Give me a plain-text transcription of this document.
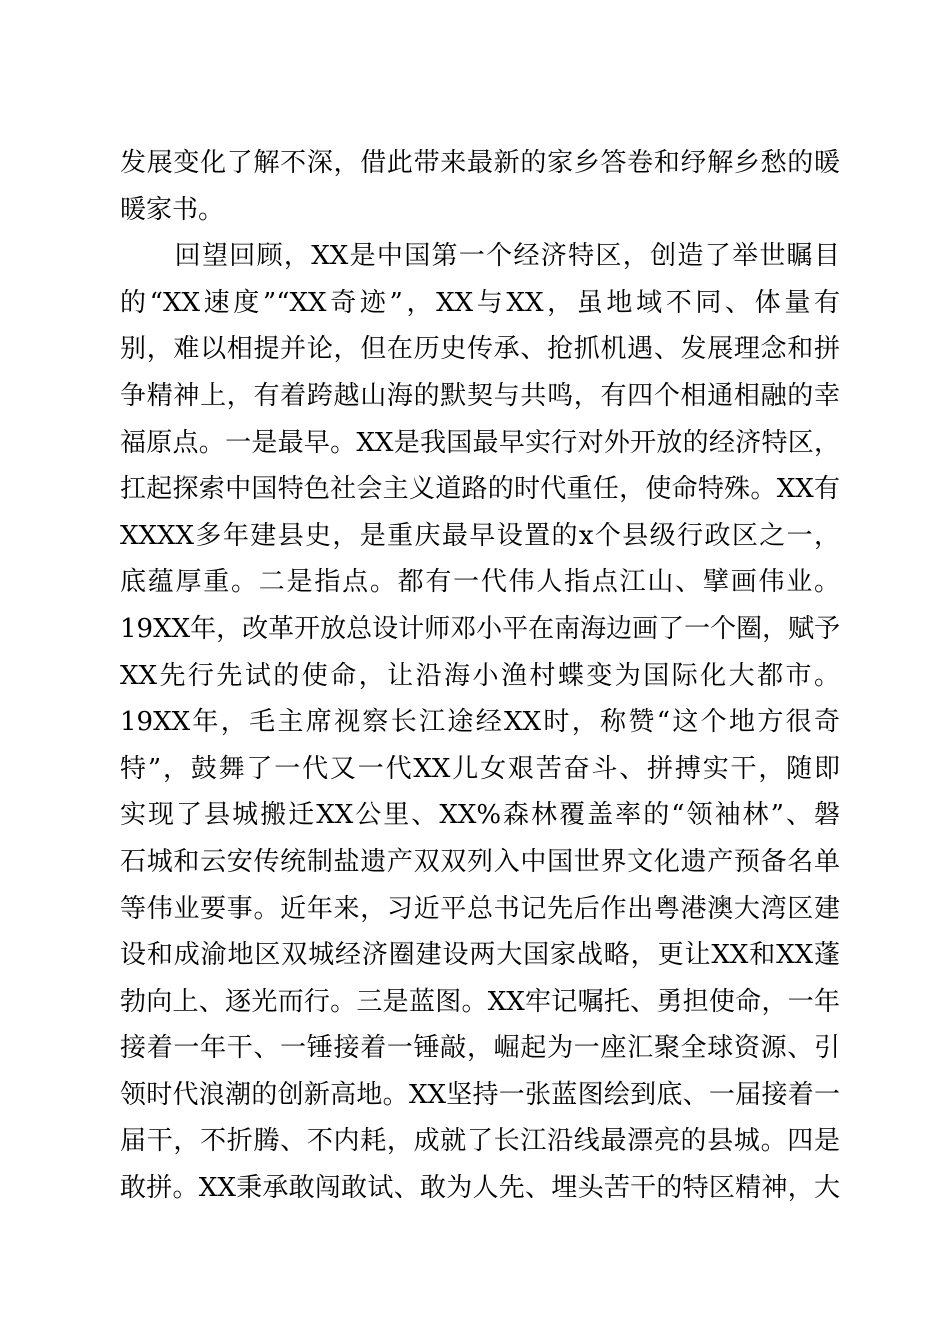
发展变化了解不深，借此带来最新的家乡答卷和纾解乡愁的暖
暖家书。
　　回望回顾，XX是中国第一个经济特区，创造了举世瞩目
的“XX速度”“XX奇迹”，XX与XX，虽地域不同、体量有
别，难以相提并论，但在历史传承、抢抓机遇、发展理念和拼
争精神上，有着跨越山海的默契与共鸣，有四个相通相融的幸
福原点。一是最早。XX是我国最早实行对外开放的经济特区，
扛起探索中国特色社会主义道路的时代重任，使命特殊。XX有
XXXX多年建县史，是重庆最早设置的x个县级行政区之一，
底蕴厚重。二是指点。都有一代伟人指点江山、擘画伟业。
19XX年，改革开放总设计师邓小平在南海边画了一个圈，赋予
XX先行先试的使命，让沿海小渔村蝶变为国际化大都市。
19XX年，毛主席视察长江途经XX时，称赞“这个地方很奇
特”，鼓舞了一代又一代XX儿女艰苦奋斗、拼搏实干，随即
实现了县城搬迁XX公里、XX%森林覆盖率的“领袖林”、磐
石城和云安传统制盐遗产双双列入中国世界文化遗产预备名单
等伟业要事。近年来，习近平总书记先后作出粤港澳大湾区建
设和成渝地区双城经济圈建设两大国家战略，更让XX和XX蓬
勃向上、逐光而行。三是蓝图。XX牢记嘱托、勇担使命，一年
接着一年干、一锤接着一锤敲，崛起为一座汇聚全球资源、引
领时代浪潮的创新高地。XX坚持一张蓝图绘到底、一届接着一
届干，不折腾、不内耗，成就了长江沿线最漂亮的县城。四是
敢拼。XX秉承敢闯敢试、敢为人先、埋头苦干的特区精神，大
